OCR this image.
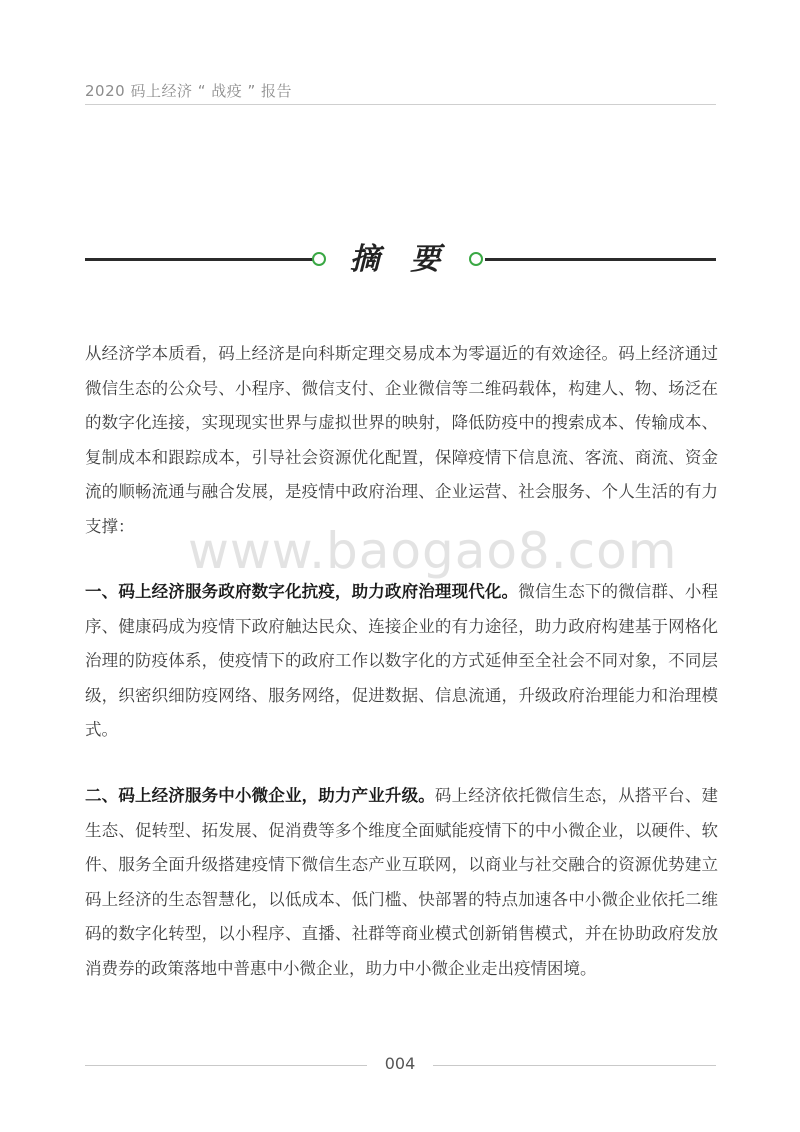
2020 码上经济 “ 战疫 ” 报告
摘 要

从经济学本质看，码上经济是向科斯定理交易成本为零逼近的有效途径。码上经济通过微信生态的公众号、小程序、微信支付、企业微信等二维码载体，构建人、物、场泛在的数字化连接，实现现实世界与虚拟世界的映射，降低防疫中的搜索成本、传输成本、复制成本和跟踪成本，引导社会资源优化配置，保障疫情下信息流、客流、商流、资金流的顺畅流通与融合发展，是疫情中政府治理、企业运营、社会服务、个人生活的有力支撑：	www.baogao8.com

一、码上经济服务政府数字化抗疫，助力政府治理现代化。微信生态下的微信群、小程序、健康码成为疫情下政府触达民众、连接企业的有力途径，助力政府构建基于网格化治理的防疫体系，使疫情下的政府工作以数字化的方式延伸至全社会不同对象，不同层级，织密织细防疫网络、服务网络，促进数据、信息流通，升级政府治理能力和治理模式。

二、码上经济服务中小微企业，助力产业升级。码上经济依托微信生态，从搭平台、建生态、促转型、拓发展、促消费等多个维度全面赋能疫情下的中小微企业，以硬件、软件、服务全面升级搭建疫情下微信生态产业互联网，以商业与社交融合的资源优势建立码上经济的生态智慧化，以低成本、低门槛、快部署的特点加速各中小微企业依托二维码的数字化转型，以小程序、直播、社群等商业模式创新销售模式，并在协助政府发放消费券的政策落地中普惠中小微企业，助力中小微企业走出疫情困境。

004
